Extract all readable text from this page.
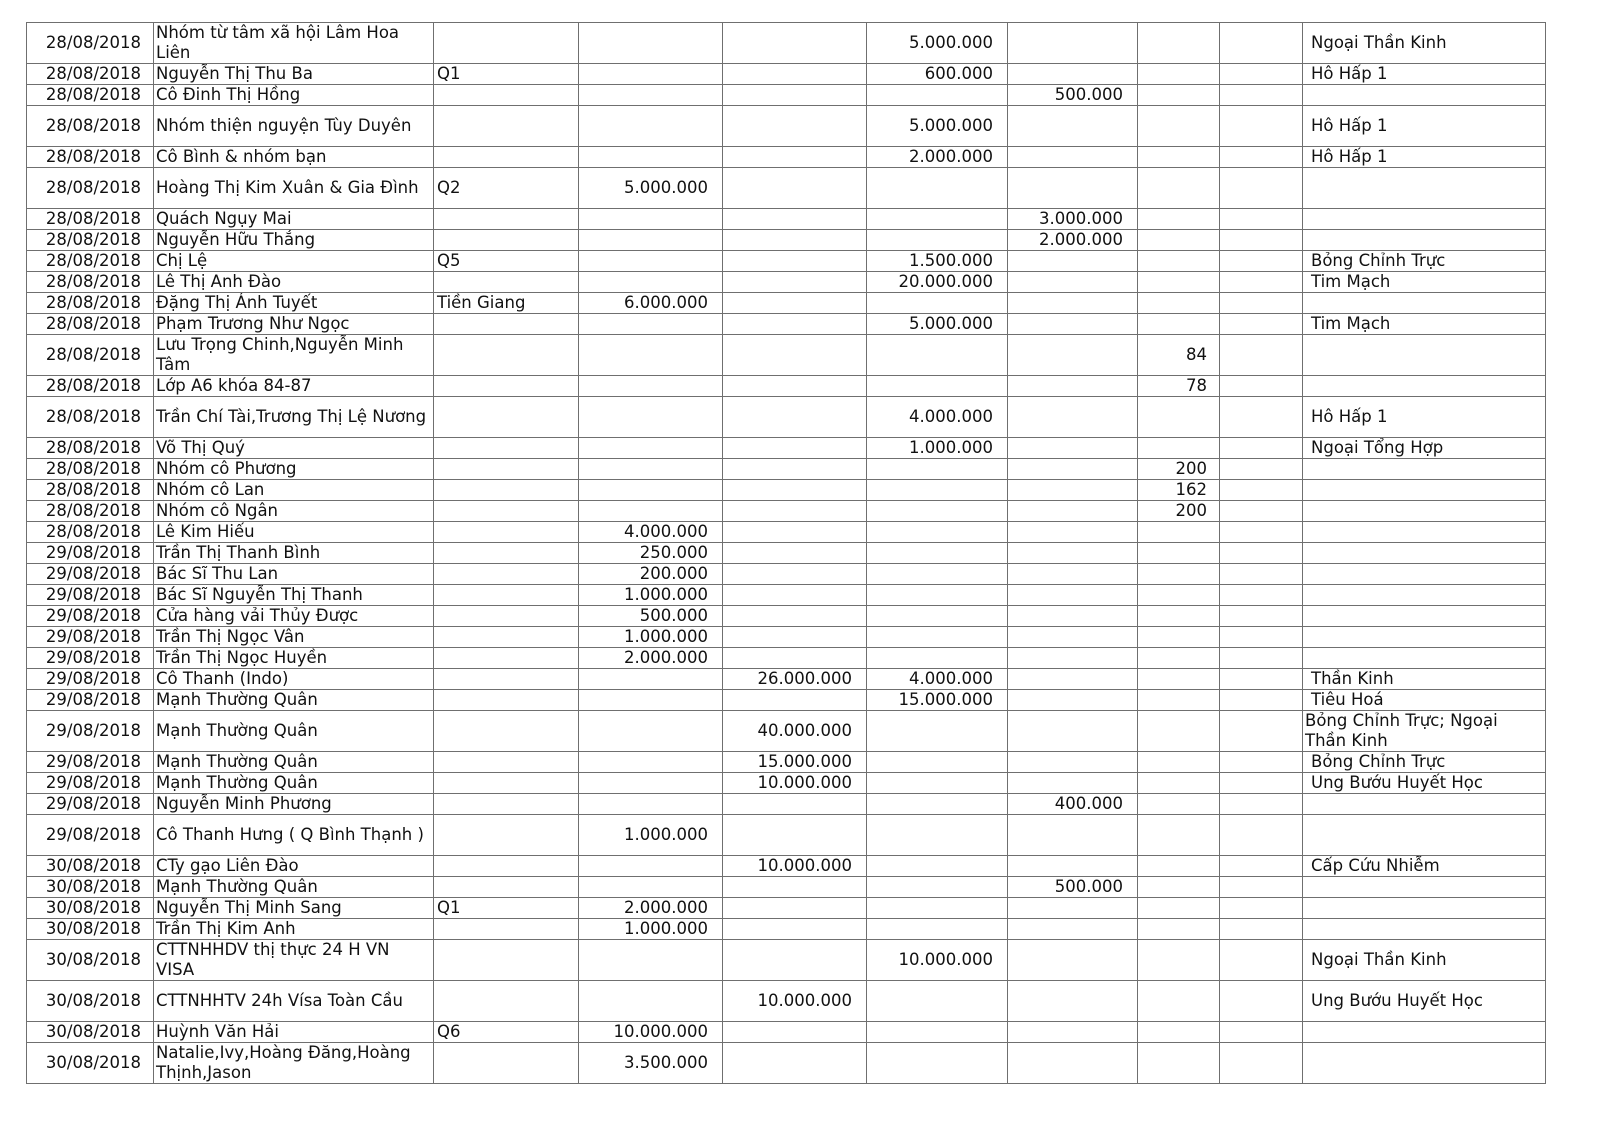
28/08/2018	Nhóm từ tâm xã hội Lâm Hoa Liên				5.000.000				Ngoại Thần Kinh
28/08/2018	Nguyễn Thị Thu Ba	Q1			600.000				Hô Hấp 1
28/08/2018	Cô Đinh Thị Hồng					500.000			
28/08/2018	Nhóm thiện nguyện Tùy Duyên				5.000.000				Hô Hấp 1
28/08/2018	Cô Bình & nhóm bạn				2.000.000				Hô Hấp 1
28/08/2018	Hoàng Thị Kim Xuân & Gia Đình	Q2	5.000.000						
28/08/2018	Quách Ngụy Mai					3.000.000			
28/08/2018	Nguyễn Hữu Thắng					2.000.000			
28/08/2018	Chị Lệ	Q5			1.500.000				Bỏng Chỉnh Trực
28/08/2018	Lê Thị Anh Đào				20.000.000				Tim Mạch
28/08/2018	Đặng Thị Ánh Tuyết	Tiền Giang	6.000.000						
28/08/2018	Phạm Trương Như Ngọc				5.000.000				Tim Mạch
28/08/2018	Lưu Trọng Chinh,Nguyễn Minh Tâm						84		
28/08/2018	Lớp A6 khóa 84-87						78		
28/08/2018	Trần Chí Tài,Trương Thị Lệ Nương				4.000.000				Hô Hấp 1
28/08/2018	Võ Thị Quý				1.000.000				Ngoại Tổng Hợp
28/08/2018	Nhóm cô Phương						200		
28/08/2018	Nhóm cô Lan						162		
28/08/2018	Nhóm cô Ngân						200		
28/08/2018	Lê Kim Hiếu		4.000.000						
29/08/2018	Trần Thị Thanh Bình		250.000						
29/08/2018	Bác Sĩ Thu Lan		200.000						
29/08/2018	Bác Sĩ Nguyễn Thị Thanh		1.000.000						
29/08/2018	Cửa hàng vải Thủy Được		500.000						
29/08/2018	Trần Thị Ngọc Vân		1.000.000						
29/08/2018	Trần Thị Ngọc Huyền		2.000.000						
29/08/2018	Cô Thanh (Indo)			26.000.000	4.000.000				Thần Kinh
29/08/2018	Mạnh Thường Quân				15.000.000				Tiêu Hoá
29/08/2018	Mạnh Thường Quân			40.000.000					Bỏng Chỉnh Trực; Ngoại Thần Kinh
29/08/2018	Mạnh Thường Quân			15.000.000					Bỏng Chỉnh Trực
29/08/2018	Mạnh Thường Quân			10.000.000					Ung Bướu Huyết Học
29/08/2018	Nguyễn Minh Phương					400.000			
29/08/2018	Cô Thanh Hưng ( Q Bình Thạnh )		1.000.000						
30/08/2018	CTy gạo Liên Đào			10.000.000					Cấp Cứu Nhiễm
30/08/2018	Mạnh Thường Quân					500.000			
30/08/2018	Nguyễn Thị Minh Sang	Q1	2.000.000						
30/08/2018	Trần Thị Kim Anh		1.000.000						
30/08/2018	CTTNHHDV thị thực 24 H VN VISA				10.000.000				Ngoại Thần Kinh
30/08/2018	CTTNHHTV 24h Vísa Toàn Cầu			10.000.000					Ung Bướu Huyết Học
30/08/2018	Huỳnh Văn Hải	Q6	10.000.000						
30/08/2018	Natalie,Ivy,Hoàng Đăng,Hoàng Thịnh,Jason		3.500.000						
